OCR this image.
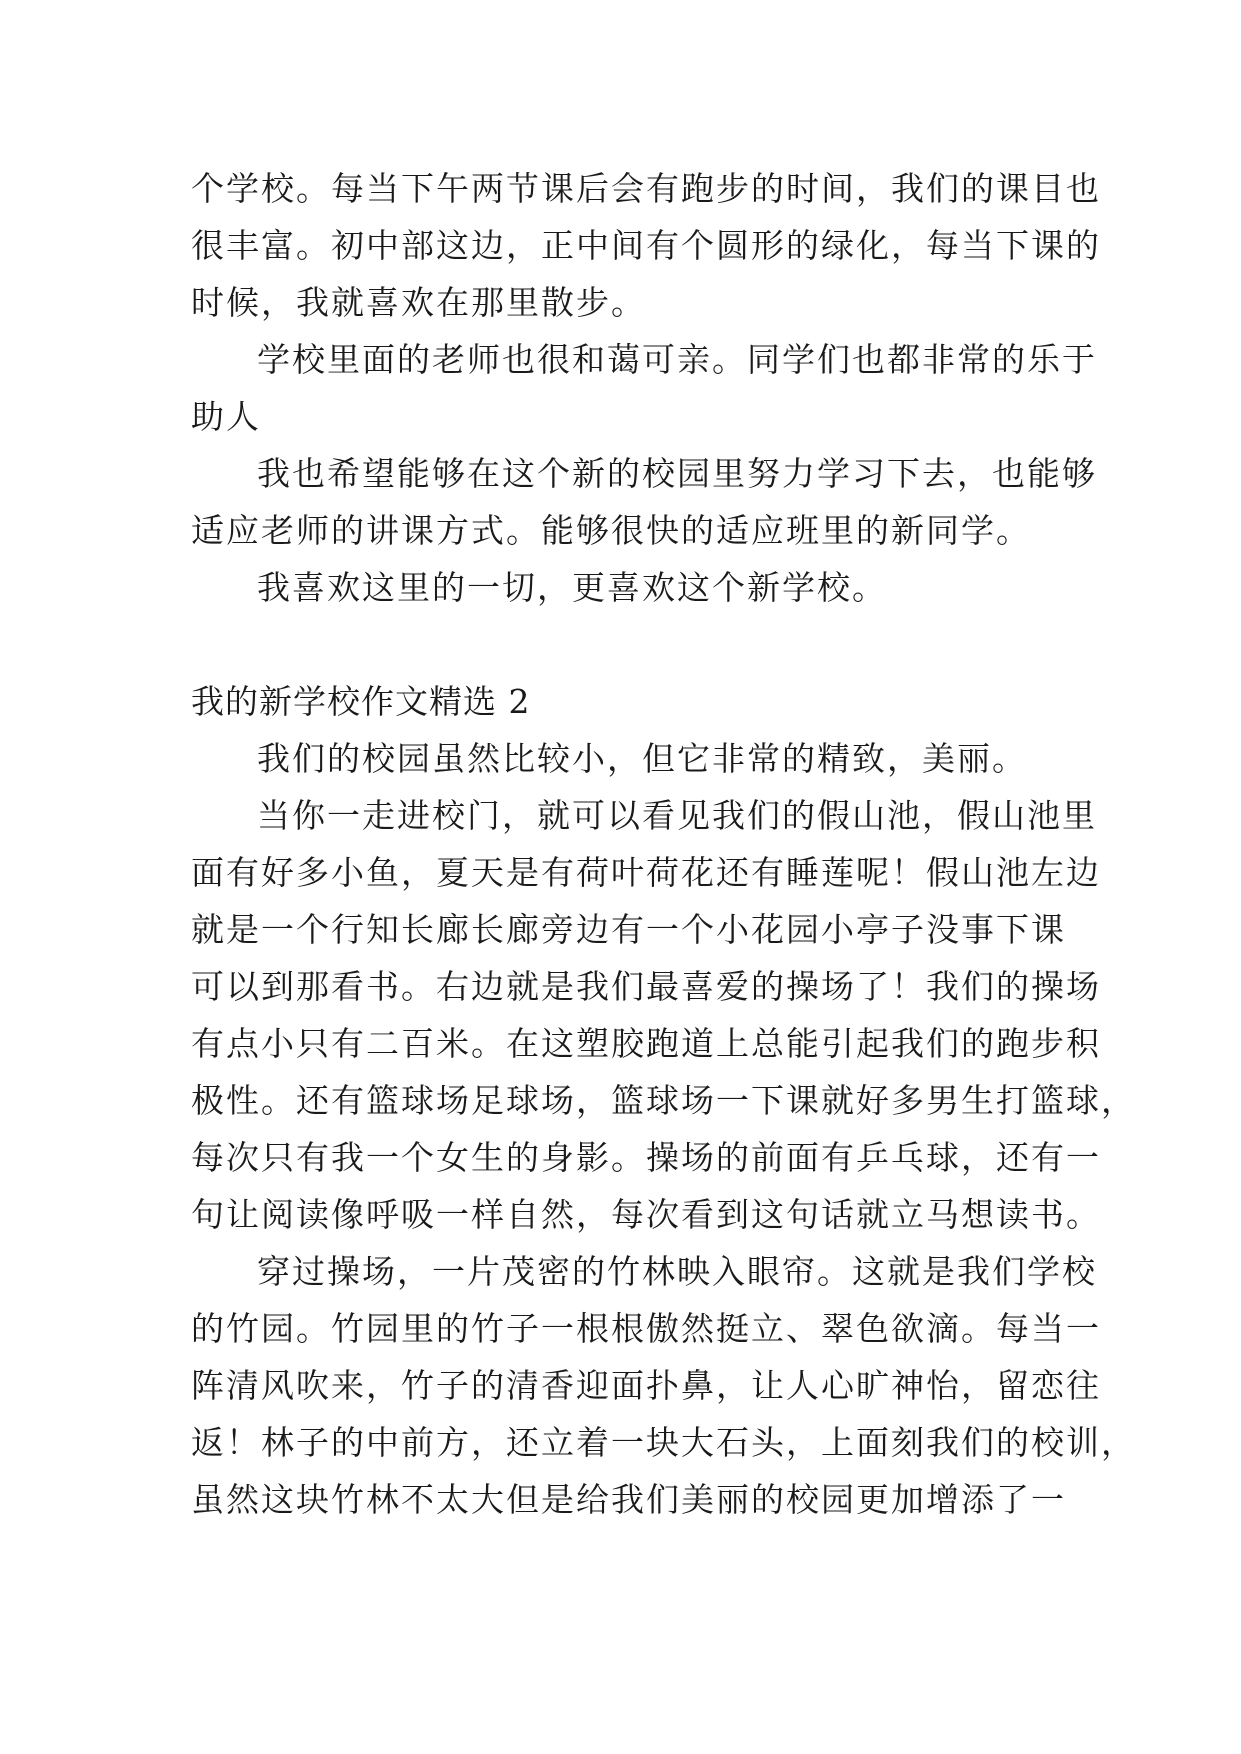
个学校。每当下午两节课后会有跑步的时间，我们的课目也
很丰富。初中部这边，正中间有个圆形的绿化，每当下课的
时候，我就喜欢在那里散步。
学校里面的老师也很和蔼可亲。同学们也都非常的乐于
助人
我也希望能够在这个新的校园里努力学习下去，也能够
适应老师的讲课方式。能够很快的适应班里的新同学。
我喜欢这里的一切，更喜欢这个新学校。
我的新学校作文精选 2
我们的校园虽然比较小，但它非常的精致，美丽。
当你一走进校门，就可以看见我们的假山池，假山池里
面有好多小鱼，夏天是有荷叶荷花还有睡莲呢！假山池左边
就是一个行知长廊长廊旁边有一个小花园小亭子没事下课
可以到那看书。右边就是我们最喜爱的操场了！我们的操场
有点小只有二百米。在这塑胶跑道上总能引起我们的跑步积
极性。还有篮球场足球场，篮球场一下课就好多男生打篮球，
每次只有我一个女生的身影。操场的前面有乒乓球，还有一
句让阅读像呼吸一样自然，每次看到这句话就立马想读书。
穿过操场，一片茂密的竹林映入眼帘。这就是我们学校
的竹园。竹园里的竹子一根根傲然挺立、翠色欲滴。每当一
阵清风吹来，竹子的清香迎面扑鼻，让人心旷神怡，留恋往
返！林子的中前方，还立着一块大石头，上面刻我们的校训，
虽然这块竹林不太大但是给我们美丽的校园更加增添了一
